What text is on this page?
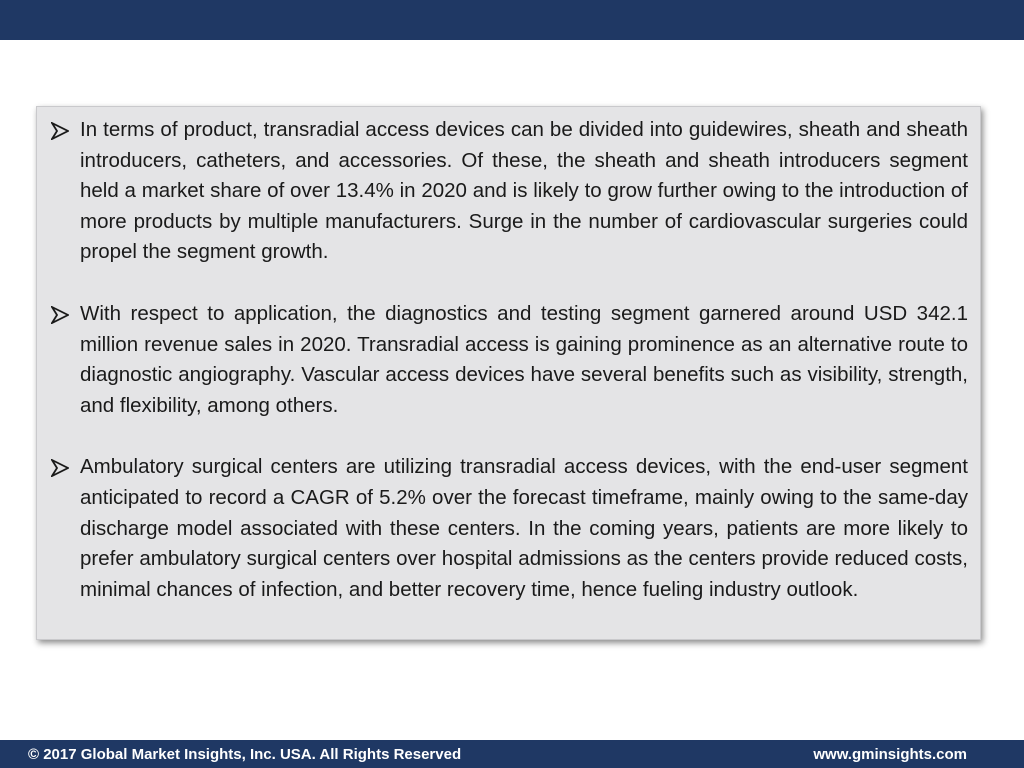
In terms of product, transradial access devices can be divided into guidewires, sheath and sheath introducers, catheters, and accessories. Of these, the sheath and sheath introducers segment held a market share of over 13.4% in 2020 and is likely to grow further owing to the introduction of more products by multiple manufacturers. Surge in the number of cardiovascular surgeries could propel the segment growth.
With respect to application, the diagnostics and testing segment garnered around USD 342.1 million revenue sales in 2020. Transradial access is gaining prominence as an alternative route to diagnostic angiography. Vascular access devices have several benefits such as visibility, strength, and flexibility, among others.
Ambulatory surgical centers are utilizing transradial access devices, with the end-user segment anticipated to record a CAGR of 5.2% over the forecast timeframe, mainly owing to the same-day discharge model associated with these centers. In the coming years, patients are more likely to prefer ambulatory surgical centers over hospital admissions as the centers provide reduced costs, minimal chances of infection, and better recovery time, hence fueling industry outlook.
© 2017 Global Market Insights, Inc. USA. All Rights Reserved	www.gminsights.com
